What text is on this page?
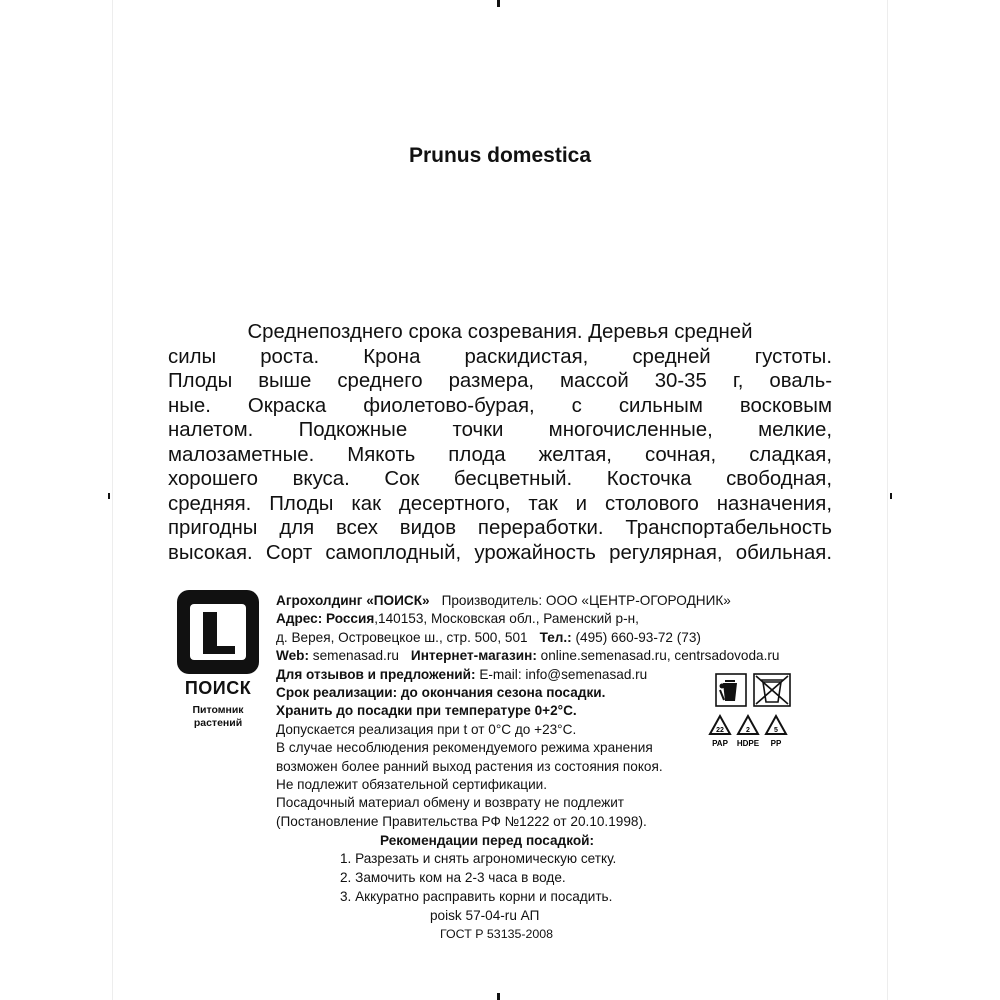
Prunus domestica
Среднепозднего срока созревания. Деревья средней
силы роста. Крона раскидистая, средней густоты.
Плоды выше среднего размера, массой 30-35 г, оваль-
ные. Окраска фиолетово-бурая, с сильным восковым
налетом. Подкожные точки многочисленные, мелкие,
малозаметные. Мякоть плода желтая, сочная, сладкая,
хорошего вкуса. Сок бесцветный. Косточка свободная,
средняя. Плоды как десертного, так и столового назначения,
пригодны для всех видов переработки. Транспортабельность
высокая. Сорт самоплодный, урожайность регулярная, обильная.
ПОИСК
Питомник
растений
Агрохолдинг «ПОИСК» Производитель: ООО «ЦЕНТР-ОГОРОДНИК»
Адрес: Россия,140153, Московская обл., Раменский р-н,
д. Верея, Островецкое ш., стр. 500, 501 Тел.: (495) 660-93-72 (73)
Web: semenasad.ru Интернет-магазин: online.semenasad.ru, centrsadovoda.ru
Для отзывов и предложений: E-mail: info@semenasad.ru
Срок реализации: до окончания сезона посадки.
Хранить до посадки при температуре 0+2°С.
Допускается реализация при t от 0°С до +23°С.
В случае несоблюдения рекомендуемого режима хранения
возможен более ранний выход растения из состояния покоя.
Не подлежит обязательной сертификации.
Посадочный материал обмену и возврату не подлежит
(Постановление Правительства РФ №1222 от 20.10.1998).
22	2	5
PAP HDPE PP
Рекомендации перед посадкой:
1. Разрезать и снять агрономическую сетку.
2. Замочить ком на 2-3 часа в воде.
3. Аккуратно расправить корни и посадить.
poisk 57-04-ru АП
ГОСТ Р 53135-2008
